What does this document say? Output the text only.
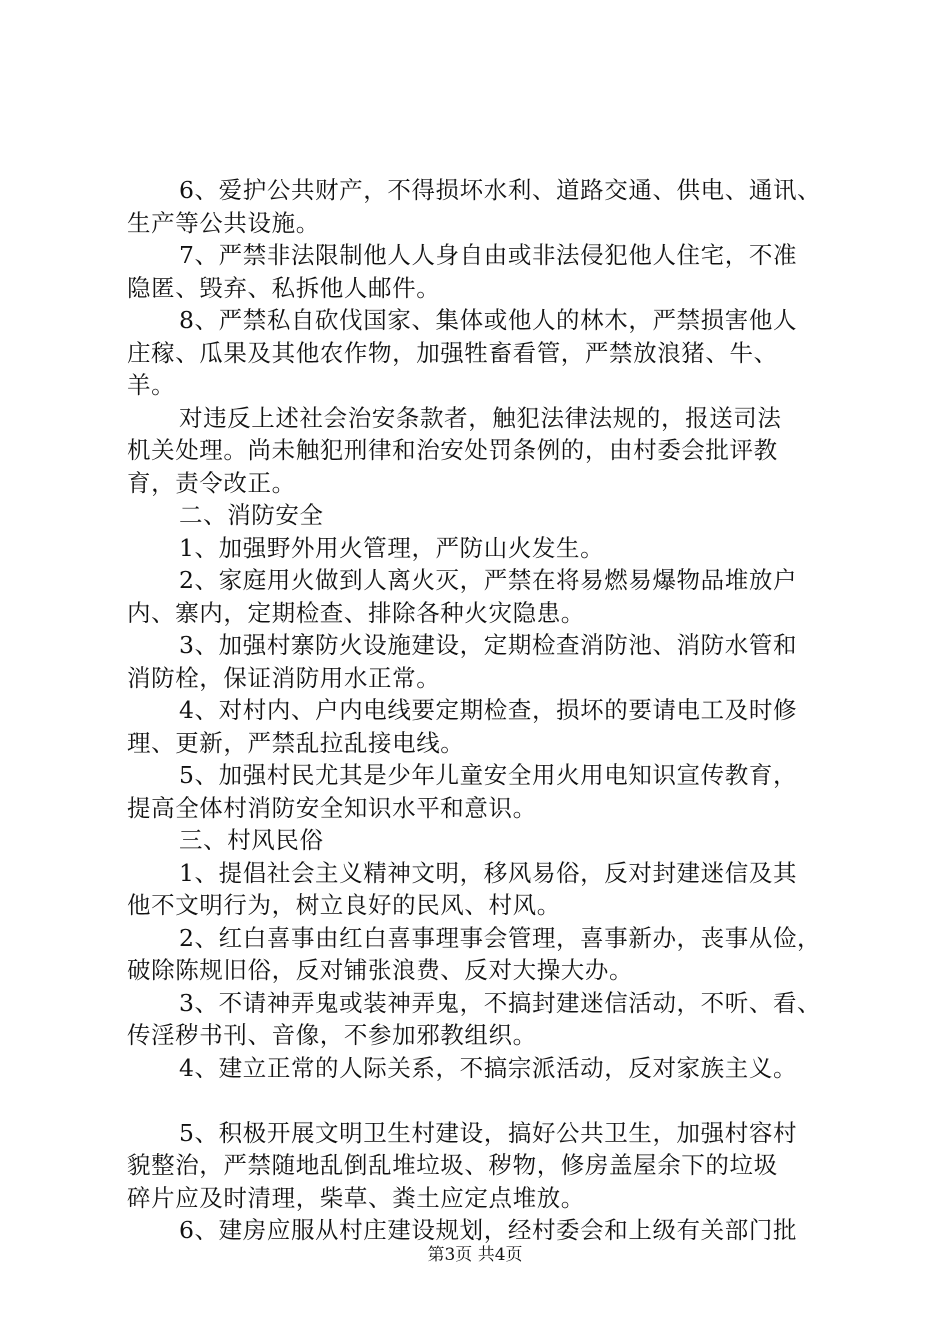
6、爱护公共财产，不得损坏水利、道路交通、供电、通讯、
生产等公共设施。
7、严禁非法限制他人人身自由或非法侵犯他人住宅，不准
隐匿、毁弃、私拆他人邮件。
8、严禁私自砍伐国家、集体或他人的林木，严禁损害他人
庄稼、瓜果及其他农作物，加强牲畜看管，严禁放浪猪、牛、
羊。
对违反上述社会治安条款者，触犯法律法规的，报送司法
机关处理。尚未触犯刑律和治安处罚条例的，由村委会批评教
育，责令改正。
二、消防安全
1、加强野外用火管理，严防山火发生。
2、家庭用火做到人离火灭，严禁在将易燃易爆物品堆放户
内、寨内，定期检查、排除各种火灾隐患。
3、加强村寨防火设施建设，定期检查消防池、消防水管和
消防栓，保证消防用水正常。
4、对村内、户内电线要定期检查，损坏的要请电工及时修
理、更新，严禁乱拉乱接电线。
5、加强村民尤其是少年儿童安全用火用电知识宣传教育，
提高全体村消防安全知识水平和意识。
三、村风民俗
1、提倡社会主义精神文明，移风易俗，反对封建迷信及其
他不文明行为，树立良好的民风、村风。
2、红白喜事由红白喜事理事会管理，喜事新办，丧事从俭，
破除陈规旧俗，反对铺张浪费、反对大操大办。
3、不请神弄鬼或装神弄鬼，不搞封建迷信活动，不听、看、
传淫秽书刊、音像，不参加邪教组织。
4、建立正常的人际关系，不搞宗派活动，反对家族主义。
5、积极开展文明卫生村建设，搞好公共卫生，加强村容村
貌整治，严禁随地乱倒乱堆垃圾、秽物，修房盖屋余下的垃圾
碎片应及时清理，柴草、粪土应定点堆放。
6、建房应服从村庄建设规划，经村委会和上级有关部门批
第3页 共4页
